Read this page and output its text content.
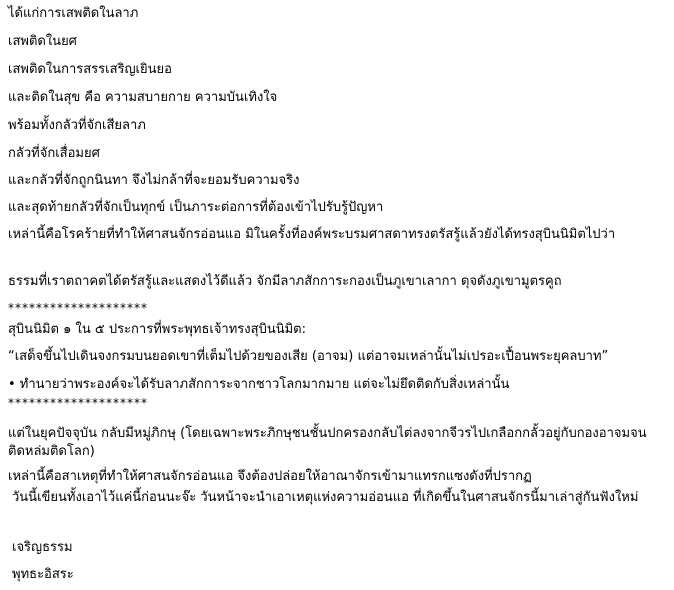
ได้แก่การเสพติดในลาภ
เสพติดในยศ
เสพติดในการสรรเสริญเยินยอ
และติดในสุข คือ ความสบายกาย ความบันเทิงใจ
พร้อมทั้งกลัวที่จักเสียลาภ
กลัวที่จักเสื่อมยศ
และกลัวที่จักถูกนินทา จึงไม่กล้าที่จะยอมรับความจริง
และสุดท้ายกลัวที่จักเป็นทุกข์ เป็นภาระต่อการที่ต้องเข้าไปรับรู้ปัญหา
เหล่านี้คือโรคร้ายที่ทำให้ศาสนจักรอ่อนแอ มิในครั้งที่องค์พระบรมศาสดาทรงตรัสรู้แล้วยังได้ทรงสุบินนิมิตไปว่า
ธรรมที่เราตถาคตได้ตรัสรู้และแสดงไว้ดีแล้ว จักมีลาภสักการะกองเป็นภูเขาเลากา ดุจดังภูเขามูตรคูถ
********************
สุบินนิมิต ๑ ใน ๕ ประการที่พระพุทธเจ้าทรงสุบินนิมิต:
“เสด็จขึ้นไปเดินจงกรมบนยอดเขาที่เต็มไปด้วยของเสีย (อาจม) แต่อาจมเหล่านั้นไม่เปรอะเปื้อนพระยุคลบาท”
• ทำนายว่าพระองค์จะได้รับลาภสักการะจากชาวโลกมากมาย แต่จะไม่ยึดติดกับสิ่งเหล่านั้น
********************
แต่ในยุคปัจจุบัน กลับมีหมู่ภิกษุ (โดยเฉพาะพระภิกษุชนชั้นปกครองกลับไต่ลงจากจีวรไปเกลือกกลั้วอยู่กับกองอาจมจนติดหล่มติดโลก)
เหล่านี้คือสาเหตุที่ทำให้ศาสนจักรอ่อนแอ จึงต้องปล่อยให้อาณาจักรเข้ามาแทรกแซงดังที่ปรากฏ
วันนี้เขียนทั้งเอาไว้แค่นี้ก่อนนะจ๊ะ วันหน้าจะนำเอาเหตุแห่งความอ่อนแอ ที่เกิดขึ้นในศาสนจักรนี้มาเล่าสู่กันฟังใหม่
เจริญธรรม
พุทธะอิสระ
